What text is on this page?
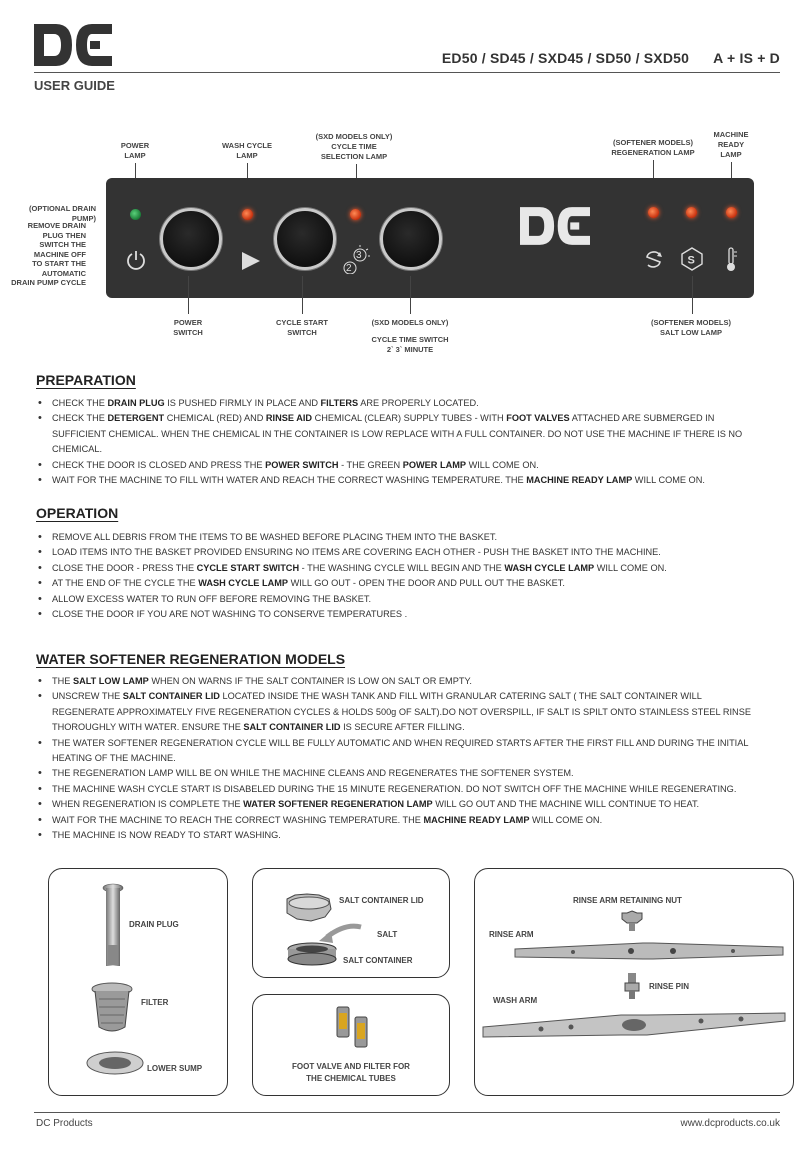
ED50 / SD45 / SXD45 / SD50 / SXD50      A + IS + D
USER GUIDE
POWER
LAMP
WASH CYCLE
LAMP
(SXD MODELS ONLY)
CYCLE TIME
SELECTION LAMP
(SOFTENER MODELS)
REGENERATION LAMP
MACHINE
READY
LAMP
(OPTIONAL DRAIN PUMP)
REMOVE DRAIN PLUG THEN
SWITCH THE MACHINE OFF
TO START THE AUTOMATIC
DRAIN PUMP CYCLE
2
3	S
POWER
SWITCH
CYCLE START
SWITCH
(SXD MODELS ONLY)
CYCLE TIME SWITCH
2` 3` MINUTE
(SOFTENER MODELS)
SALT LOW LAMP
PREPARATION
• CHECK THE DRAIN PLUG IS PUSHED FIRMLY IN PLACE AND FILTERS ARE PROPERLY LOCATED.
• CHECK THE DETERGENT CHEMICAL (RED) AND RINSE AID CHEMICAL (CLEAR) SUPPLY TUBES - WITH FOOT VALVES ATTACHED ARE SUBMERGED IN SUFFICIENT CHEMICAL. WHEN THE CHEMICAL IN THE CONTAINER IS LOW REPLACE WITH A FULL CONTAINER. DO NOT USE THE MACHINE IF THERE IS NO CHEMICAL.
• CHECK THE DOOR IS CLOSED AND PRESS THE POWER SWITCH - THE GREEN POWER LAMP WILL COME ON.
• WAIT FOR THE MACHINE TO FILL WITH WATER AND REACH THE CORRECT WASHING TEMPERATURE. THE MACHINE READY LAMP WILL COME ON.
OPERATION
• REMOVE ALL DEBRIS FROM THE ITEMS TO BE WASHED BEFORE PLACING THEM INTO THE BASKET.
• LOAD ITEMS INTO THE BASKET PROVIDED ENSURING NO ITEMS ARE COVERING EACH OTHER - PUSH THE BASKET INTO THE MACHINE.
• CLOSE THE DOOR - PRESS THE CYCLE START SWITCH - THE WASHING CYCLE WILL BEGIN AND THE WASH CYCLE LAMP WILL COME ON.
• AT THE END OF THE CYCLE THE WASH CYCLE LAMP WILL GO OUT - OPEN THE DOOR AND PULL OUT THE BASKET.
• ALLOW EXCESS WATER TO RUN OFF BEFORE REMOVING THE BASKET.
• CLOSE THE DOOR IF YOU ARE NOT WASHING TO CONSERVE TEMPERATURES .
WATER SOFTENER REGENERATION MODELS
• THE SALT LOW LAMP WHEN ON WARNS IF THE SALT CONTAINER IS LOW ON SALT OR EMPTY.
• UNSCREW THE SALT CONTAINER LID LOCATED INSIDE THE WASH TANK AND FILL WITH GRANULAR CATERING SALT ( THE SALT CONTAINER WILL REGENERATE APPROXIMATELY FIVE REGENERATION CYCLES & HOLDS 500g OF SALT).DO NOT OVERSPILL, IF SALT IS SPILT ONTO STAINLESS STEEL RINSE THOROUGHLY WITH WATER. ENSURE THE SALT CONTAINER LID IS SECURE AFTER FILLING.
• THE WATER SOFTENER REGENERATION CYCLE WILL BE FULLY AUTOMATIC AND WHEN REQUIRED STARTS AFTER THE FIRST FILL AND DURING THE INITIAL HEATING OF THE MACHINE.
• THE REGENERATION LAMP WILL BE ON WHILE THE MACHINE CLEANS AND REGENERATES THE SOFTENER SYSTEM.
• THE MACHINE WASH CYCLE START IS DISABELED DURING THE 15 MINUTE REGENERATION. DO NOT SWITCH OFF THE MACHINE WHILE REGENERATING.
• WHEN REGENERATION IS COMPLETE THE WATER SOFTENER REGENERATION LAMP WILL GO OUT AND THE MACHINE WILL CONTINUE TO HEAT.
• WAIT FOR THE MACHINE TO REACH THE CORRECT WASHING TEMPERATURE. THE MACHINE READY LAMP WILL COME ON.
• THE MACHINE IS NOW READY TO START WASHING.
DRAIN PLUG
FILTER
LOWER SUMP
SALT CONTAINER LID
SALT
SALT CONTAINER
FOOT VALVE AND FILTER FOR
THE CHEMICAL TUBES
RINSE ARM RETAINING NUT
RINSE ARM
RINSE PIN
WASH ARM
DC Products	www.dcproducts.co.uk
